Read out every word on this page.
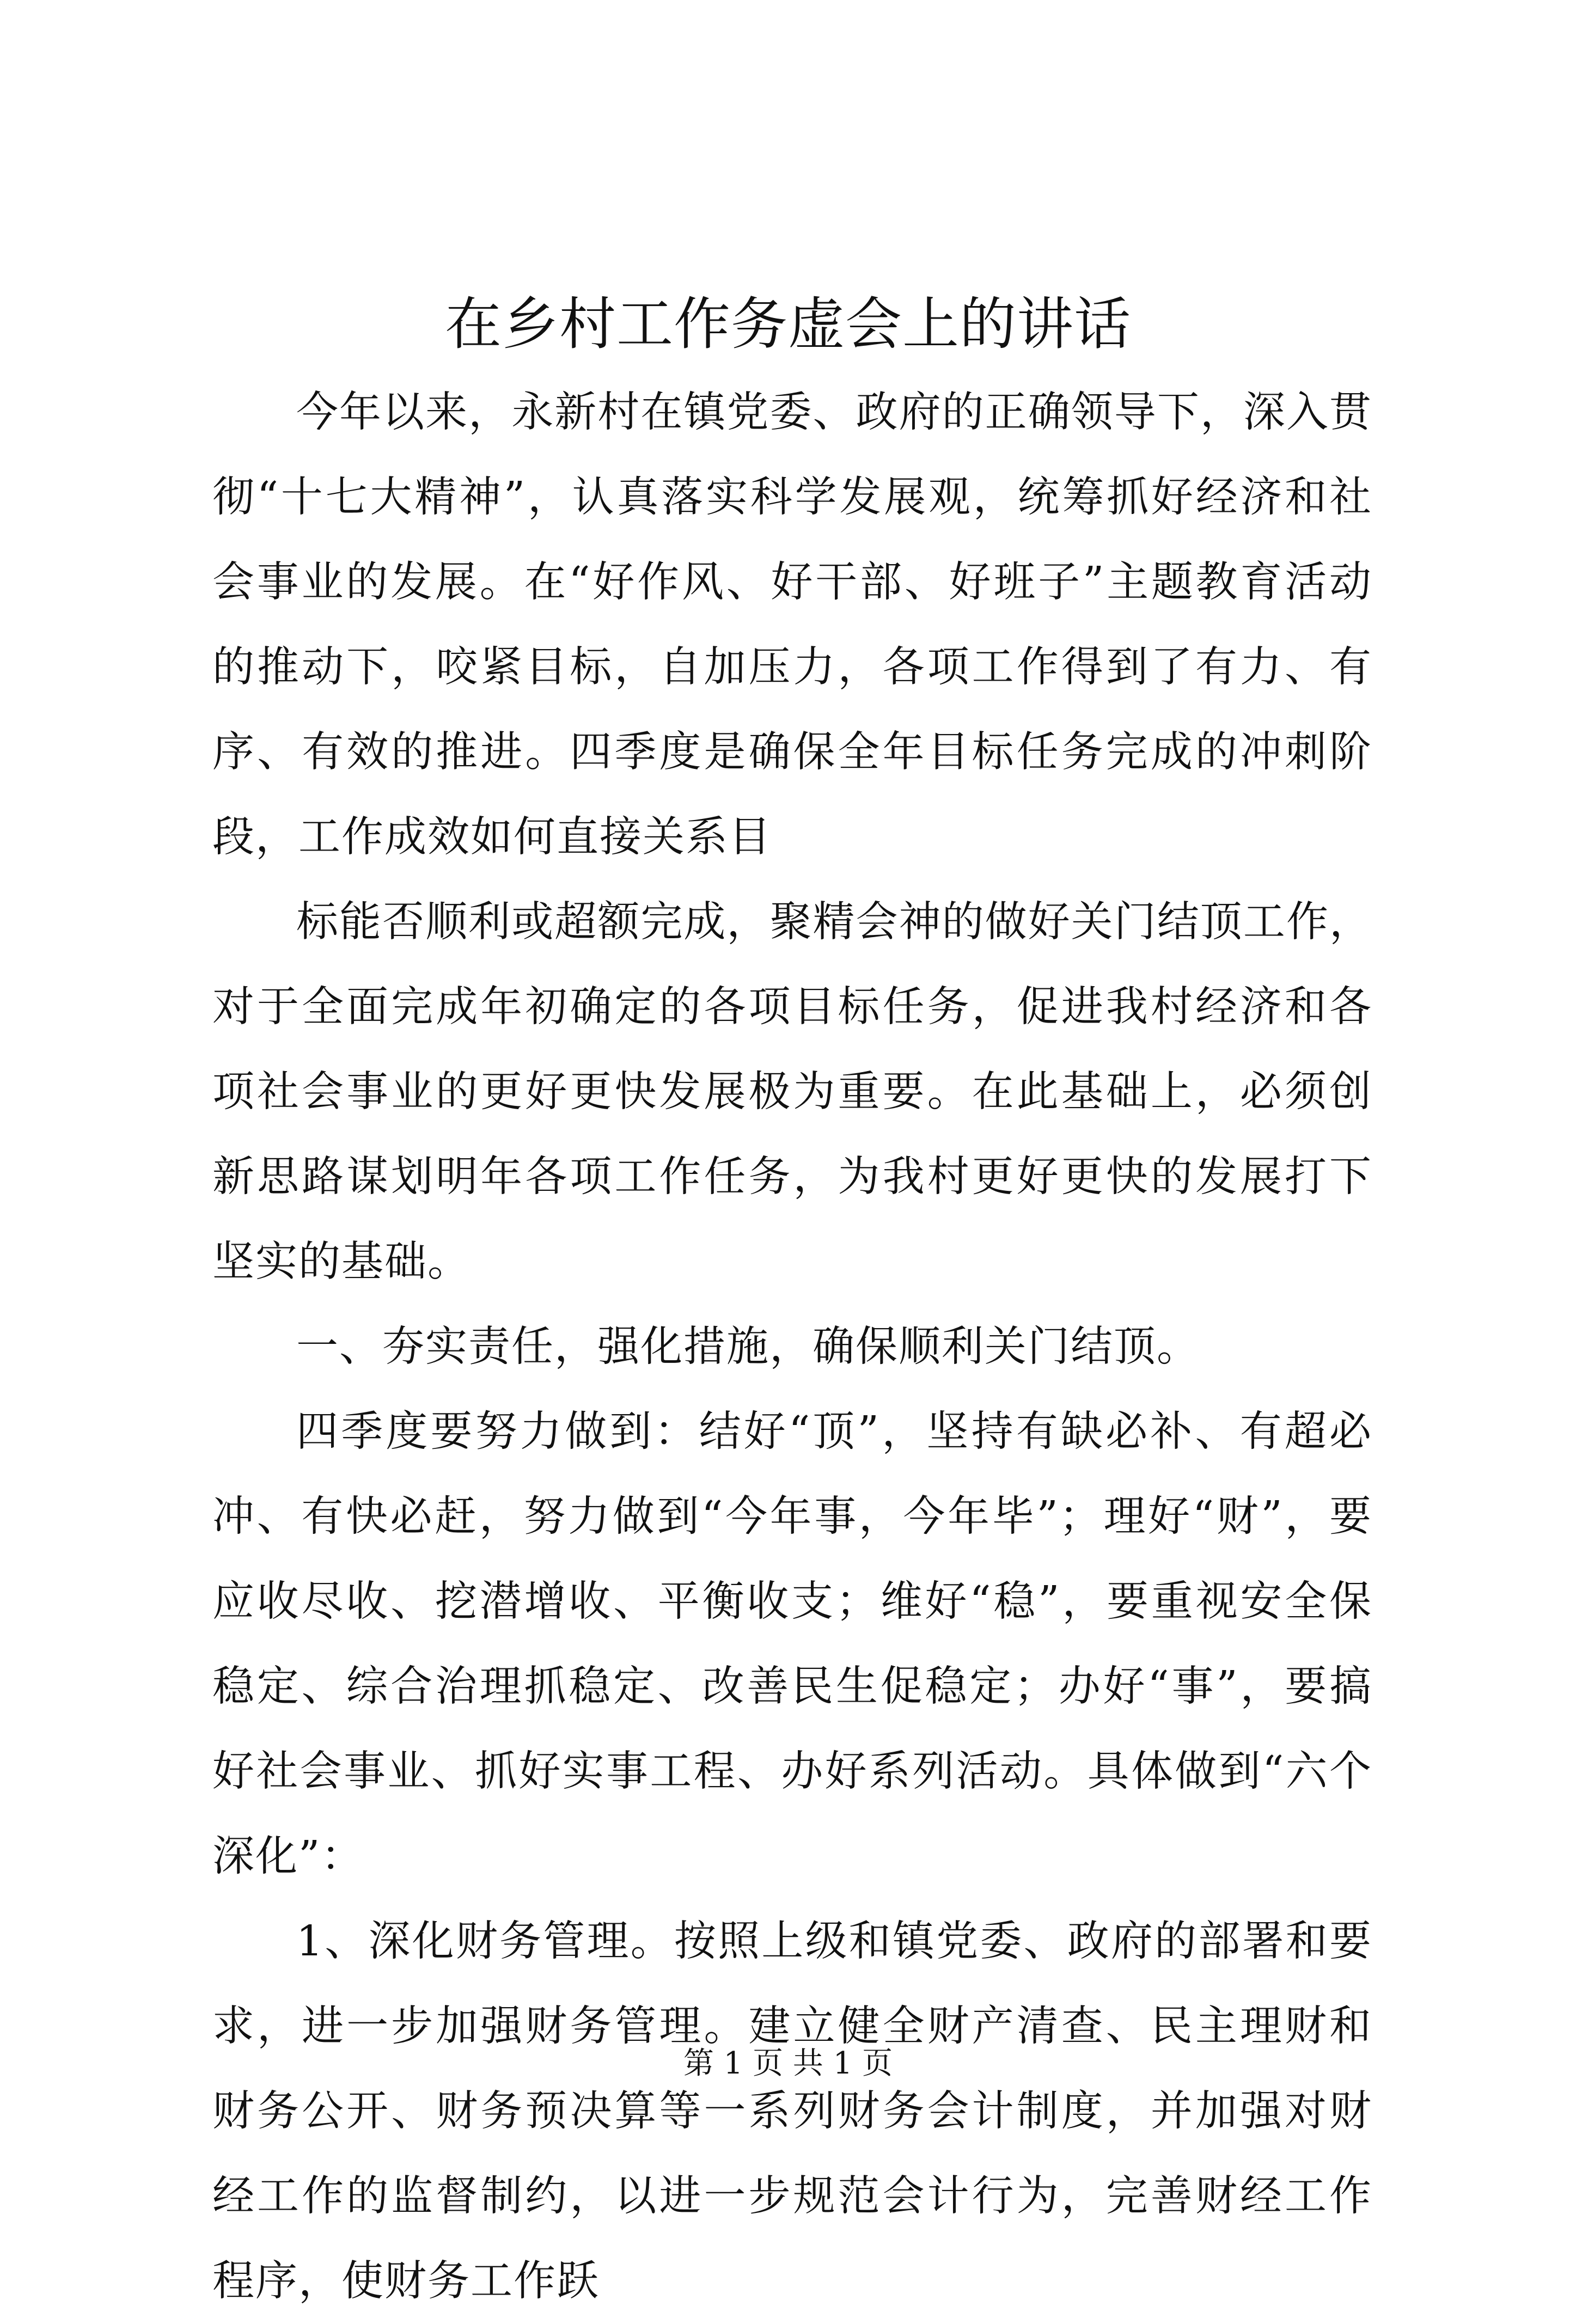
在乡村工作务虚会上的讲话

今年以来，永新村在镇党委、政府的正确领导下，深入贯彻“十七大精神”，认真落实科学发展观，统筹抓好经济和社会事业的发展。在“好作风、好干部、好班子”主题教育活动的推动下，咬紧目标，自加压力，各项工作得到了有力、有序、有效的推进。四季度是确保全年目标任务完成的冲刺阶段，工作成效如何直接关系目

标能否顺利或超额完成，聚精会神的做好关门结顶工作，对于全面完成年初确定的各项目标任务，促进我村经济和各项社会事业的更好更快发展极为重要。在此基础上，必须创新思路谋划明年各项工作任务，为我村更好更快的发展打下坚实的基础。

一、夯实责任，强化措施，确保顺利关门结顶。

四季度要努力做到：结好“顶”，坚持有缺必补、有超必冲、有快必赶，努力做到“今年事，今年毕”；理好“财”，要应收尽收、挖潜增收、平衡收支；维好“稳”，要重视安全保稳定、综合治理抓稳定、改善民生促稳定；办好“事”，要搞好社会事业、抓好实事工程、办好系列活动。具体做到“六个深化”：

1、深化财务管理。按照上级和镇党委、政府的部署和要求，进一步加强财务管理。建立健全财产清查、民主理财和财务公开、财务预决算等一系列财务会计制度，并加强对财经工作的监督制约，以进一步规范会计行为，完善财经工作程序，使财务工作跃

第 1 页 共 1 页
